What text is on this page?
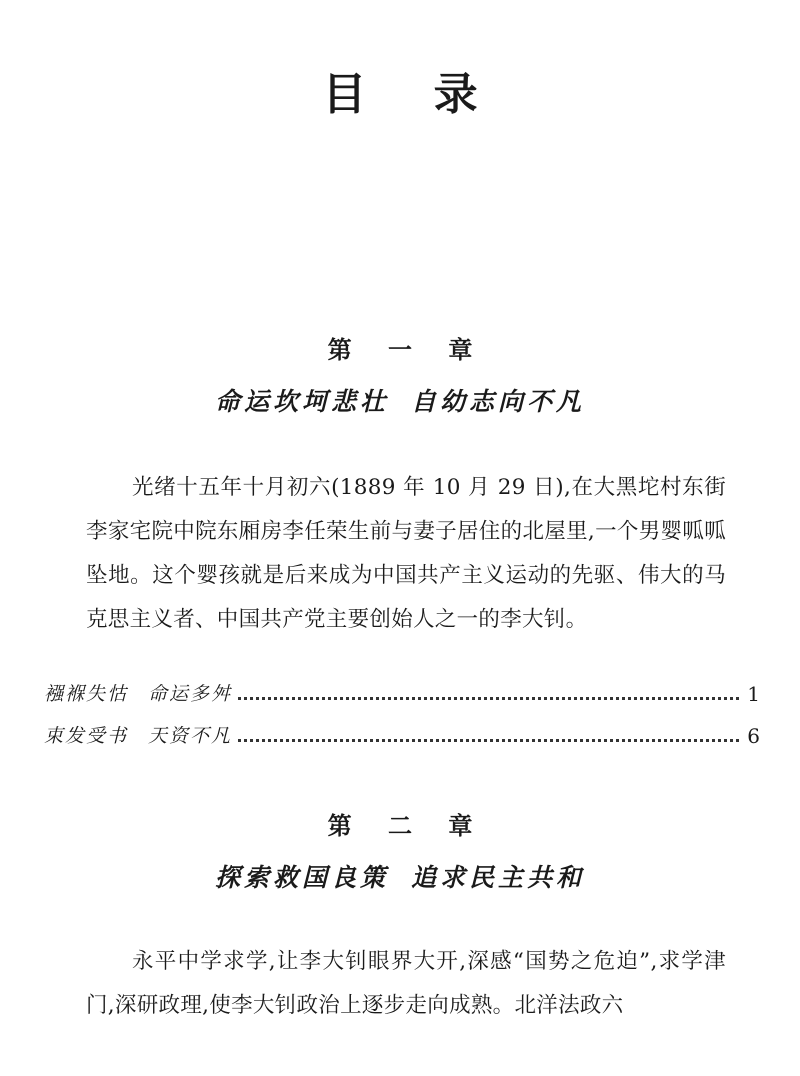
目 录
第 一 章
命运坎坷悲壮 自幼志向不凡
光绪十五年十月初六(1889 年 10 月 29 日),在大黑坨村东街李家宅院中院东厢房李任荣生前与妻子居住的北屋里,一个男婴呱呱坠地。这个婴孩就是后来成为中国共产主义运动的先驱、伟大的马克思主义者、中国共产党主要创始人之一的李大钊。
襁褓失怙 命运多舛	1
束发受书 天资不凡	6
第 二 章
探索救国良策 追求民主共和
永平中学求学,让李大钊眼界大开,深感“国势之危迫”,求学津门,深研政理,使李大钊政治上逐步走向成熟。北洋法政六
